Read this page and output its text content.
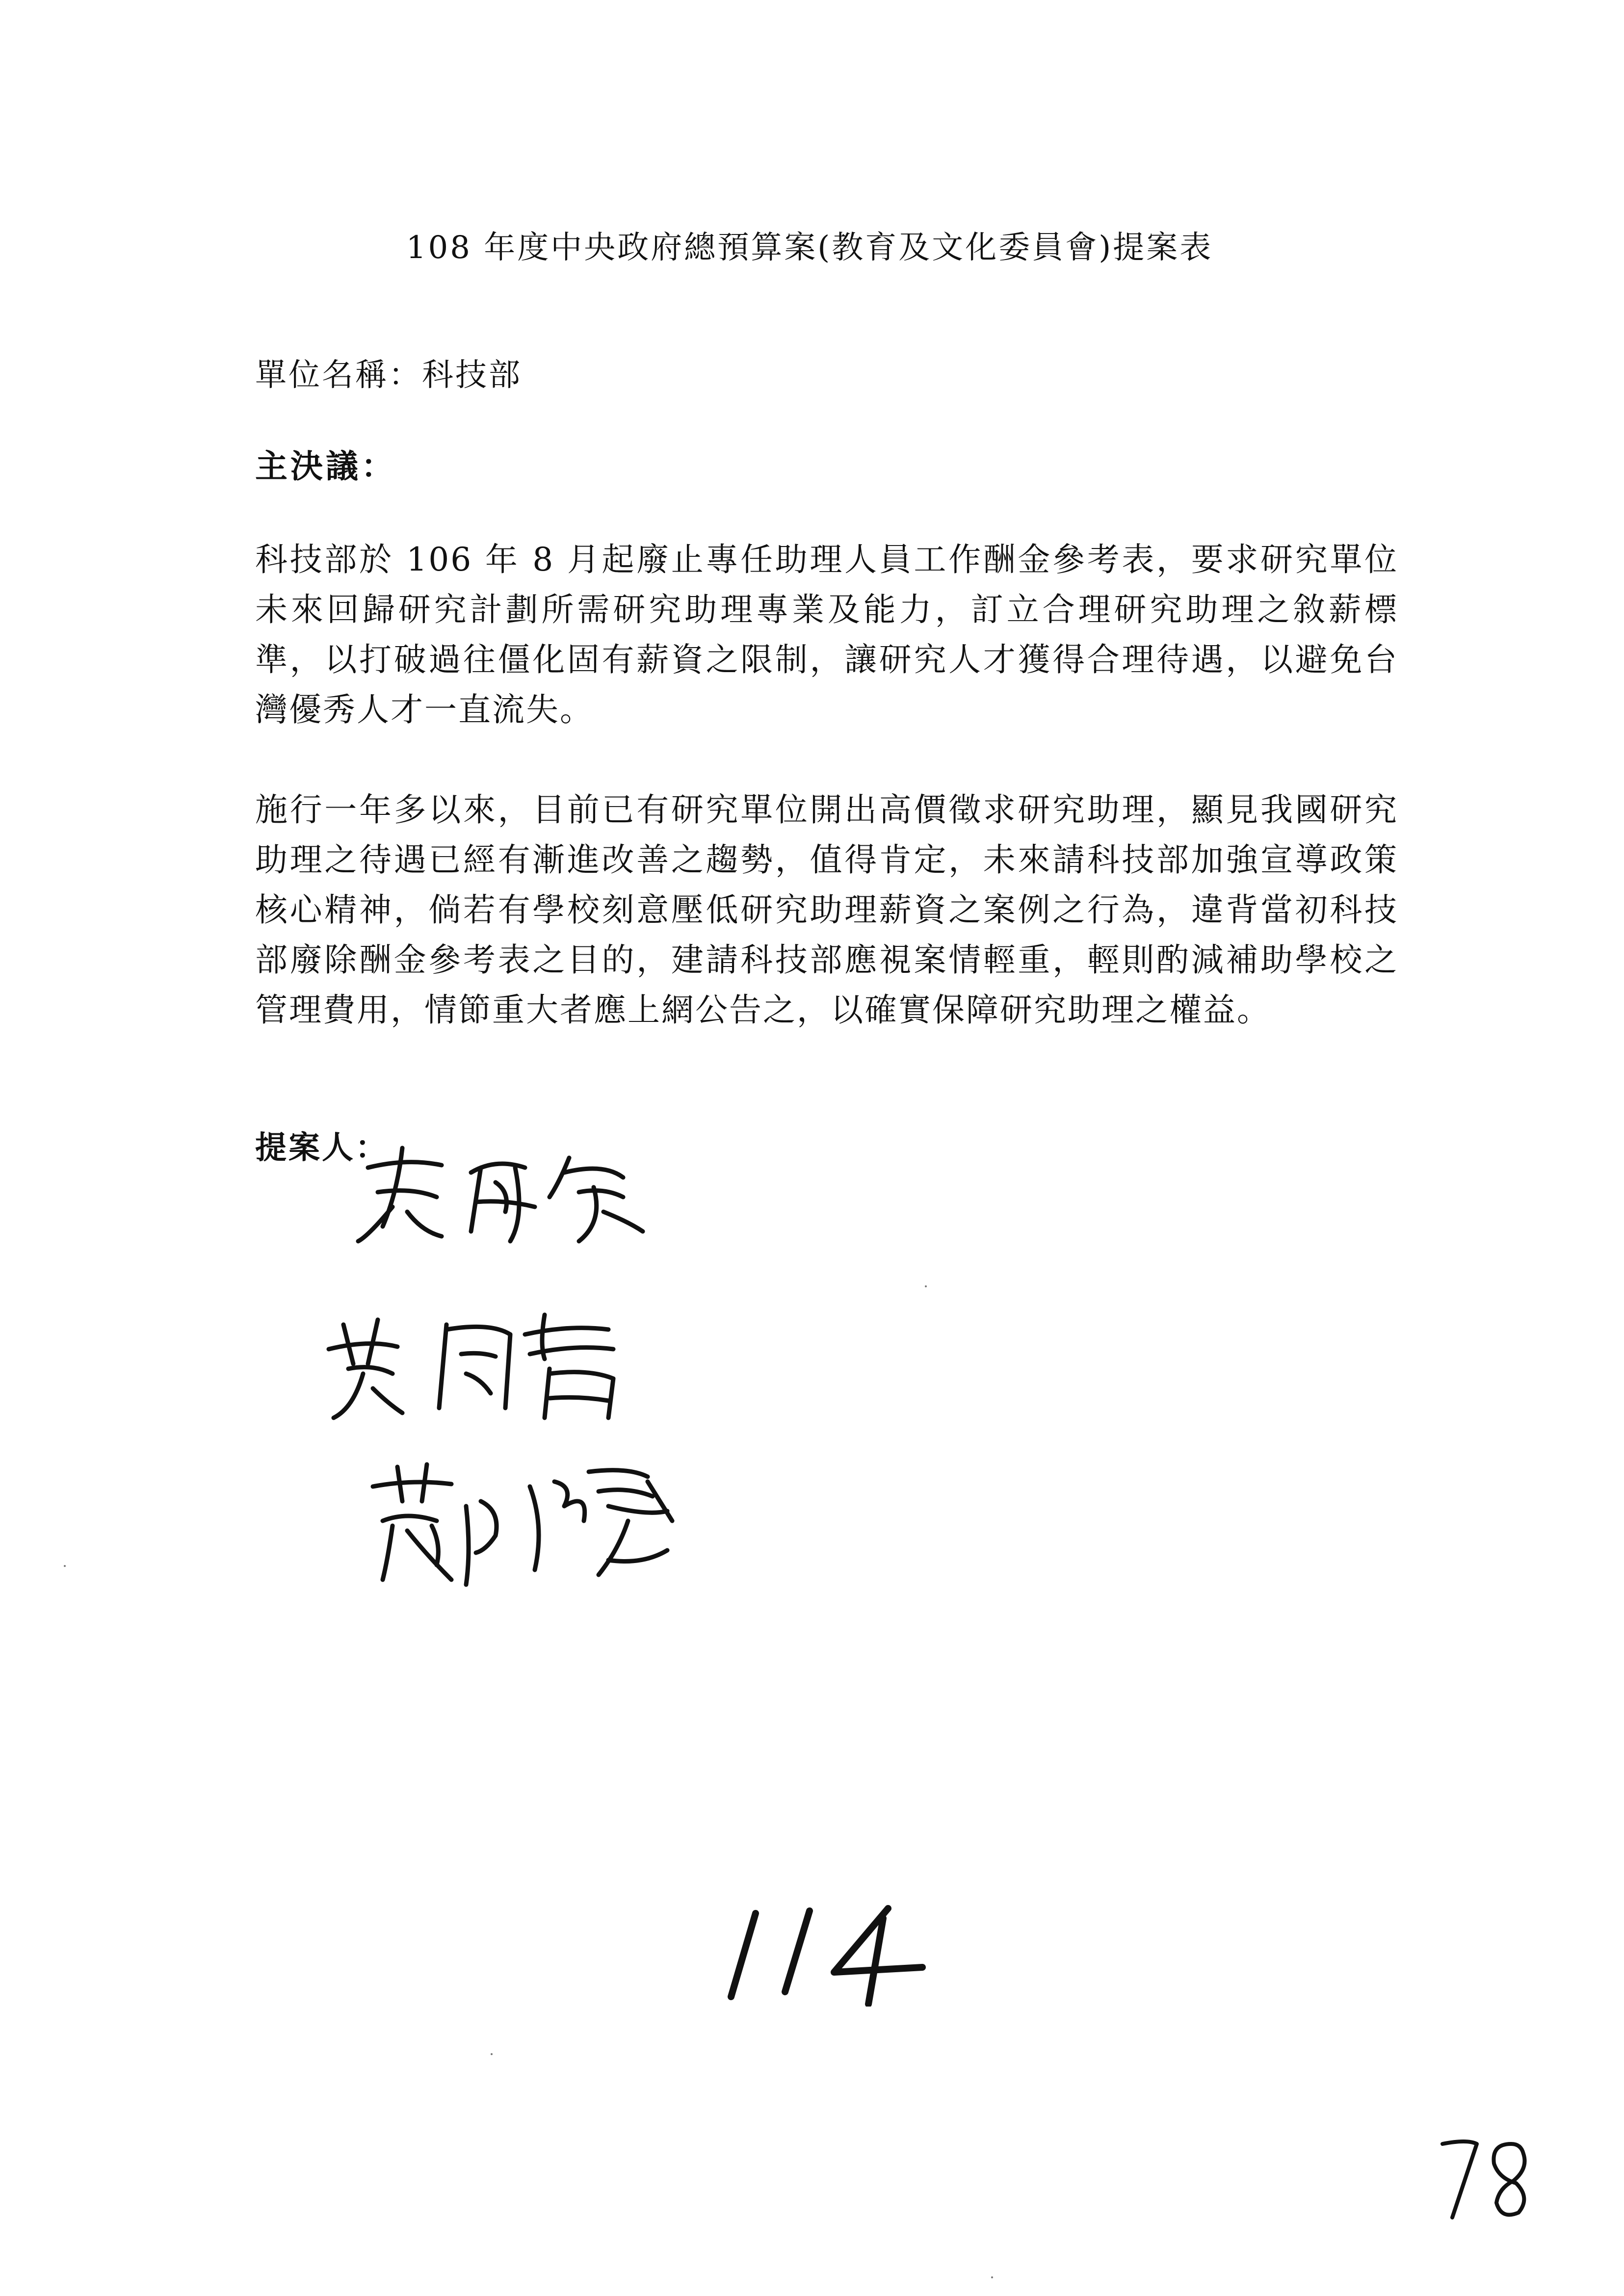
108 年度中央政府總預算案(教育及文化委員會)提案表
單位名稱：科技部
主決議：

科技部於 106 年 8 月起廢止專任助理人員工作酬金參考表，要求研究單位未來回歸研究計劃所需研究助理專業及能力，訂立合理研究助理之敘薪標準，以打破過往僵化固有薪資之限制，讓研究人才獲得合理待遇，以避免台灣優秀人才一直流失。

施行一年多以來，目前已有研究單位開出高價徵求研究助理，顯見我國研究助理之待遇已經有漸進改善之趨勢，值得肯定，未來請科技部加強宣導政策核心精神，倘若有學校刻意壓低研究助理薪資之案例之行為，違背當初科技部廢除酬金參考表之目的，建請科技部應視案情輕重，輕則酌減補助學校之管理費用，情節重大者應上網公告之，以確實保障研究助理之權益。

提案人：
